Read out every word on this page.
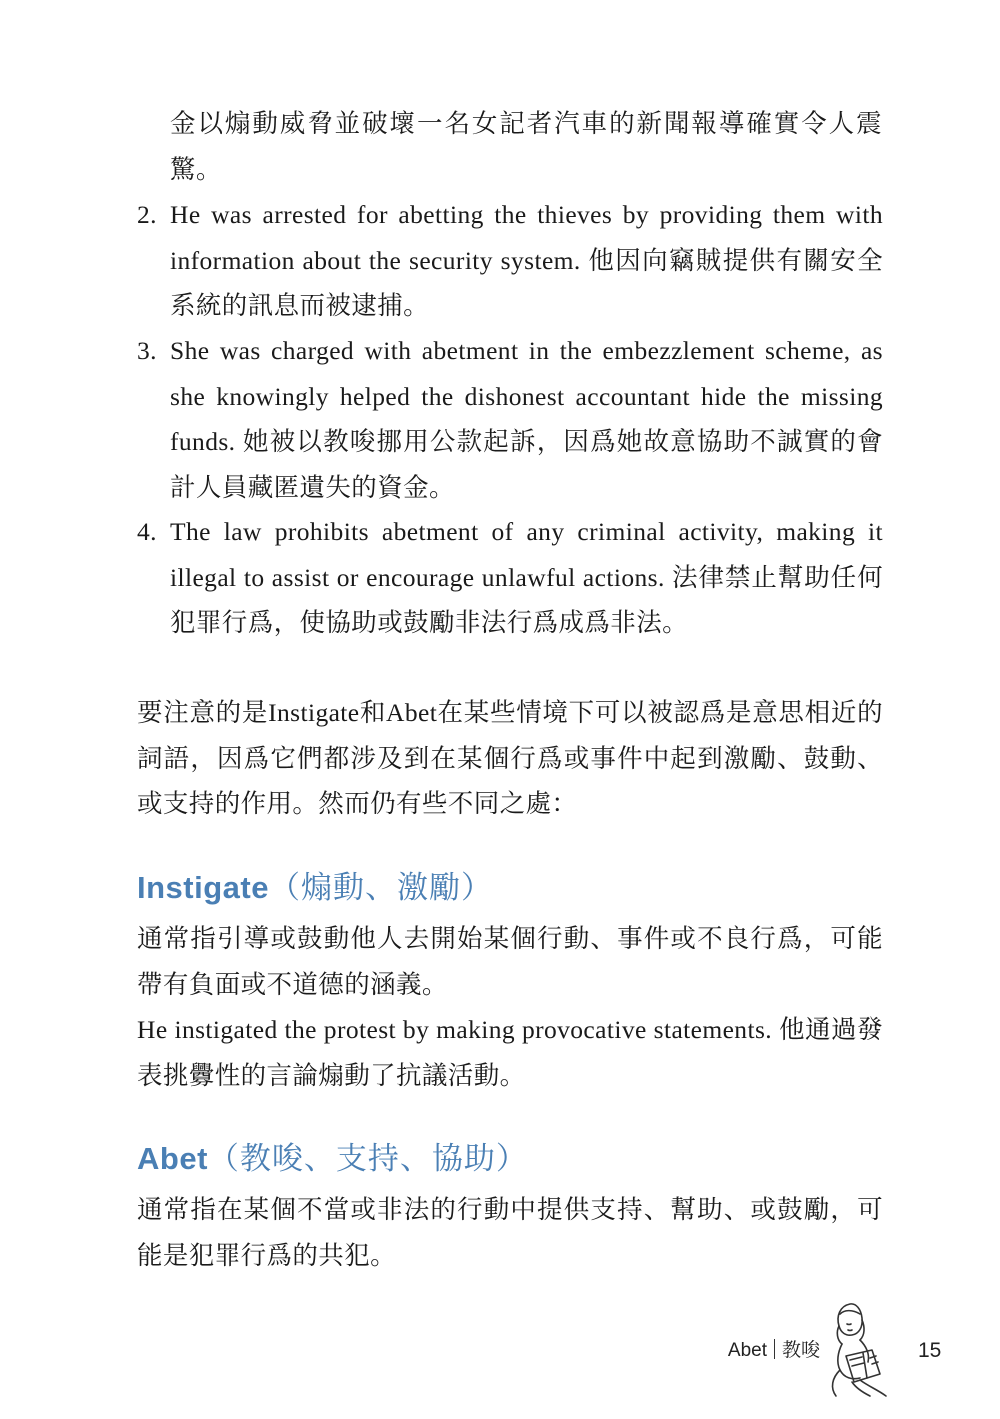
金以煽動威脅並破壞一名女記者汽車的新聞報導確實令人震驚。
2. He was arrested for abetting the thieves by providing them with information about the security system. 他因向竊賊提供有關安全系統的訊息而被逮捕。
3. She was charged with abetment in the embezzlement scheme, as she knowingly helped the dishonest accountant hide the missing funds. 她被以教唆挪用公款起訴，因爲她故意協助不誠實的會計人員藏匿遺失的資金。
4. The law prohibits abetment of any criminal activity, making it illegal to assist or encourage unlawful actions. 法律禁止幫助任何犯罪行爲，使協助或鼓勵非法行爲成爲非法。
要注意的是Instigate和Abet在某些情境下可以被認爲是意思相近的詞語，因爲它們都涉及到在某個行爲或事件中起到激勵、鼓動、或支持的作用。然而仍有些不同之處：
Instigate（煽動、激勵）
通常指引導或鼓動他人去開始某個行動、事件或不良行爲，可能帶有負面或不道德的涵義。
He instigated the protest by making provocative statements. 他通過發表挑釁性的言論煽動了抗議活動。
Abet（教唆、支持、協助）
通常指在某個不當或非法的行動中提供支持、幫助、或鼓勵，可能是犯罪行爲的共犯。
Abet 教唆	15
